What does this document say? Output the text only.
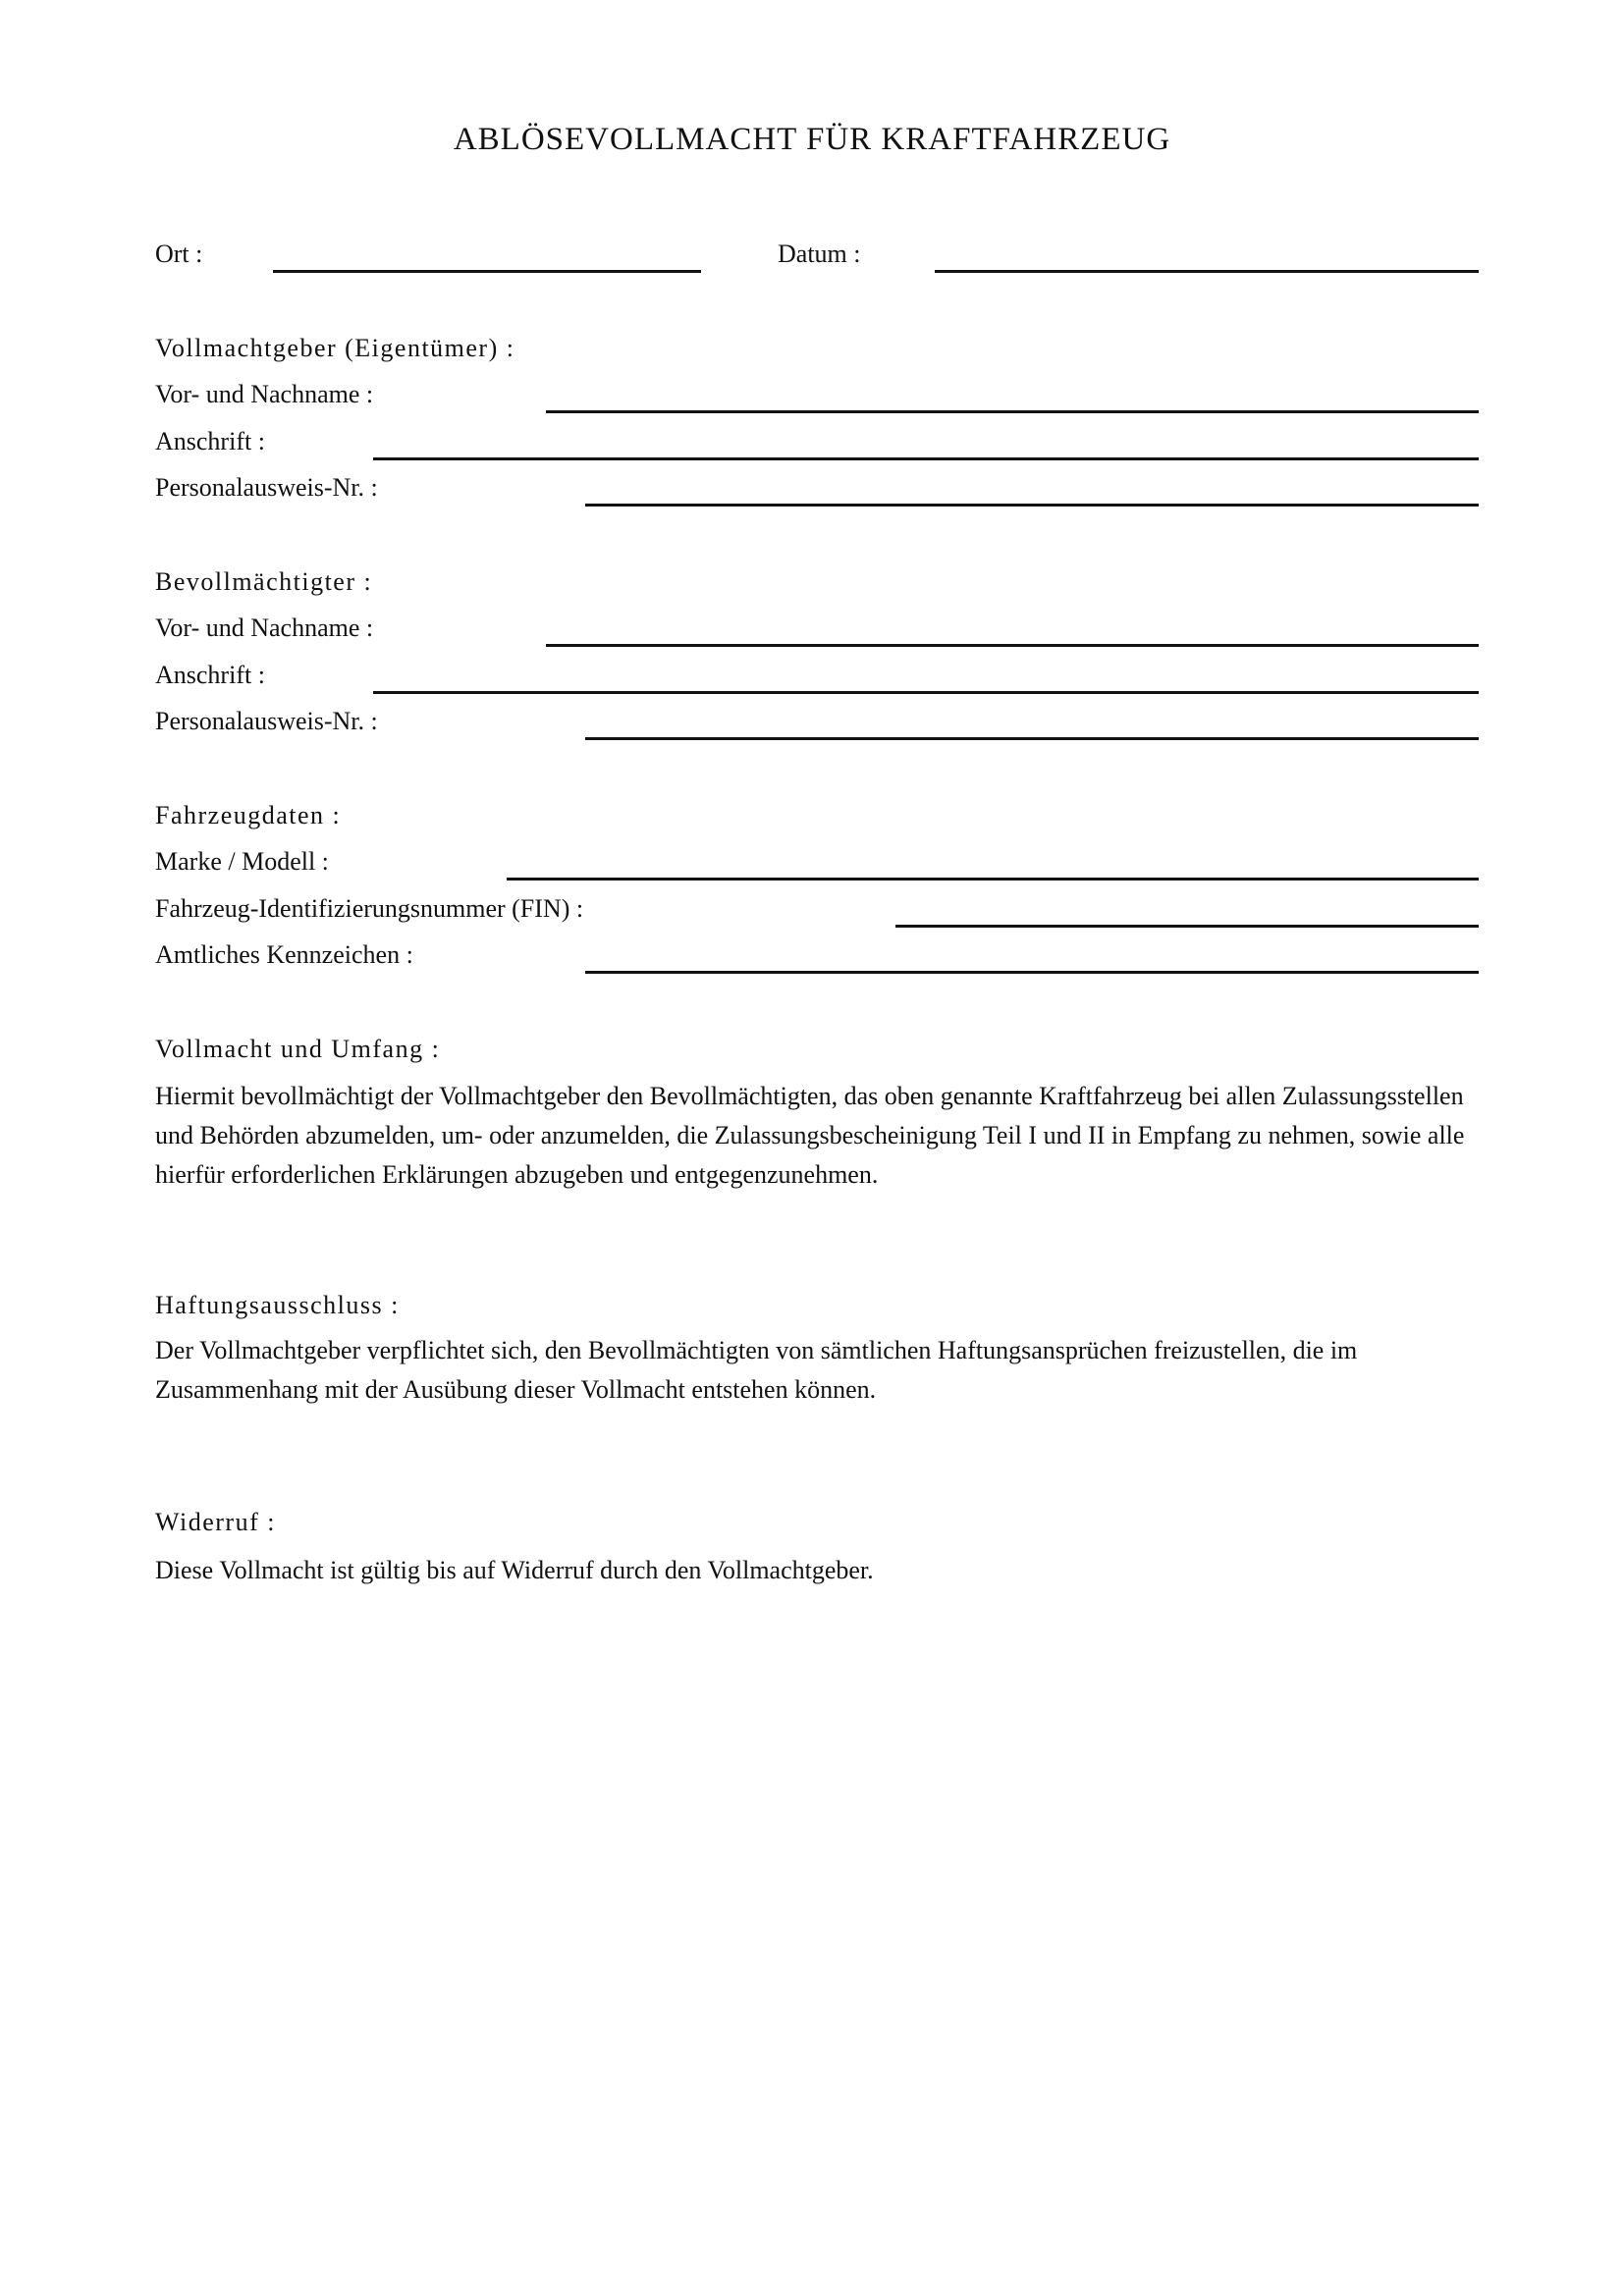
ABLÖSEVOLLMACHT FÜR KRAFTFAHRZEUG
Ort :	Datum :
Vollmachtgeber (Eigentümer) :
Vor- und Nachname :
Anschrift :
Personalausweis-Nr. :
Bevollmächtigter :
Vor- und Nachname :
Anschrift :
Personalausweis-Nr. :
Fahrzeugdaten :
Marke / Modell :
Fahrzeug-Identifizierungsnummer (FIN) :
Amtliches Kennzeichen :
Vollmacht und Umfang :
Hiermit bevollmächtigt der Vollmachtgeber den Bevollmächtigten, das oben genannte Kraftfahrzeug bei allen Zulassungsstellen und Behörden abzumelden, um- oder anzumelden, die Zulassungsbescheinigung Teil I und II in Empfang zu nehmen, sowie alle hierfür erforderlichen Erklärungen abzugeben und entgegenzunehmen.
Haftungsausschluss :
Der Vollmachtgeber verpflichtet sich, den Bevollmächtigten von sämtlichen Haftungsansprüchen freizustellen, die im Zusammenhang mit der Ausübung dieser Vollmacht entstehen können.
Widerruf :
Diese Vollmacht ist gültig bis auf Widerruf durch den Vollmachtgeber.
